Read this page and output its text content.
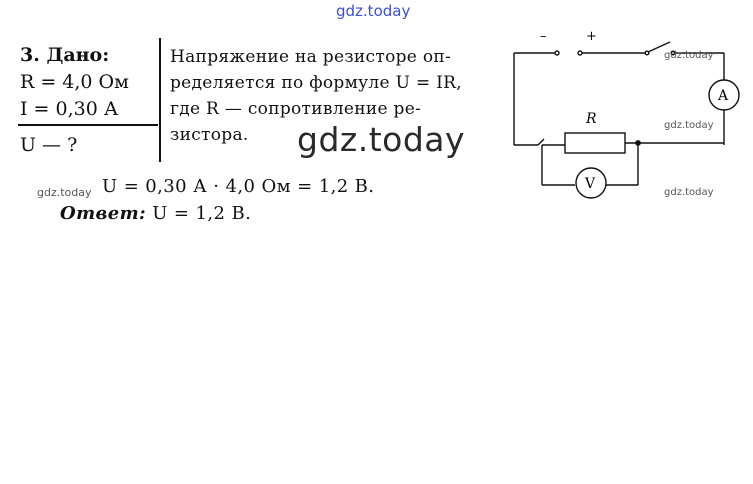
gdz.today
3. Дано:
R = 4,0 Ом
I = 0,30 А
U — ?
Напряжение на резисторе оп-
ределяется по формуле U = IR,
где R — сопротивление ре-
зистора. gdz.today
gdz.today U = 0,30 А · 4,0 Ом = 1,2 В.
Ответ: U = 1,2 В.
–	+
R
A
V
gdz.today
gdz.today
gdz.today
